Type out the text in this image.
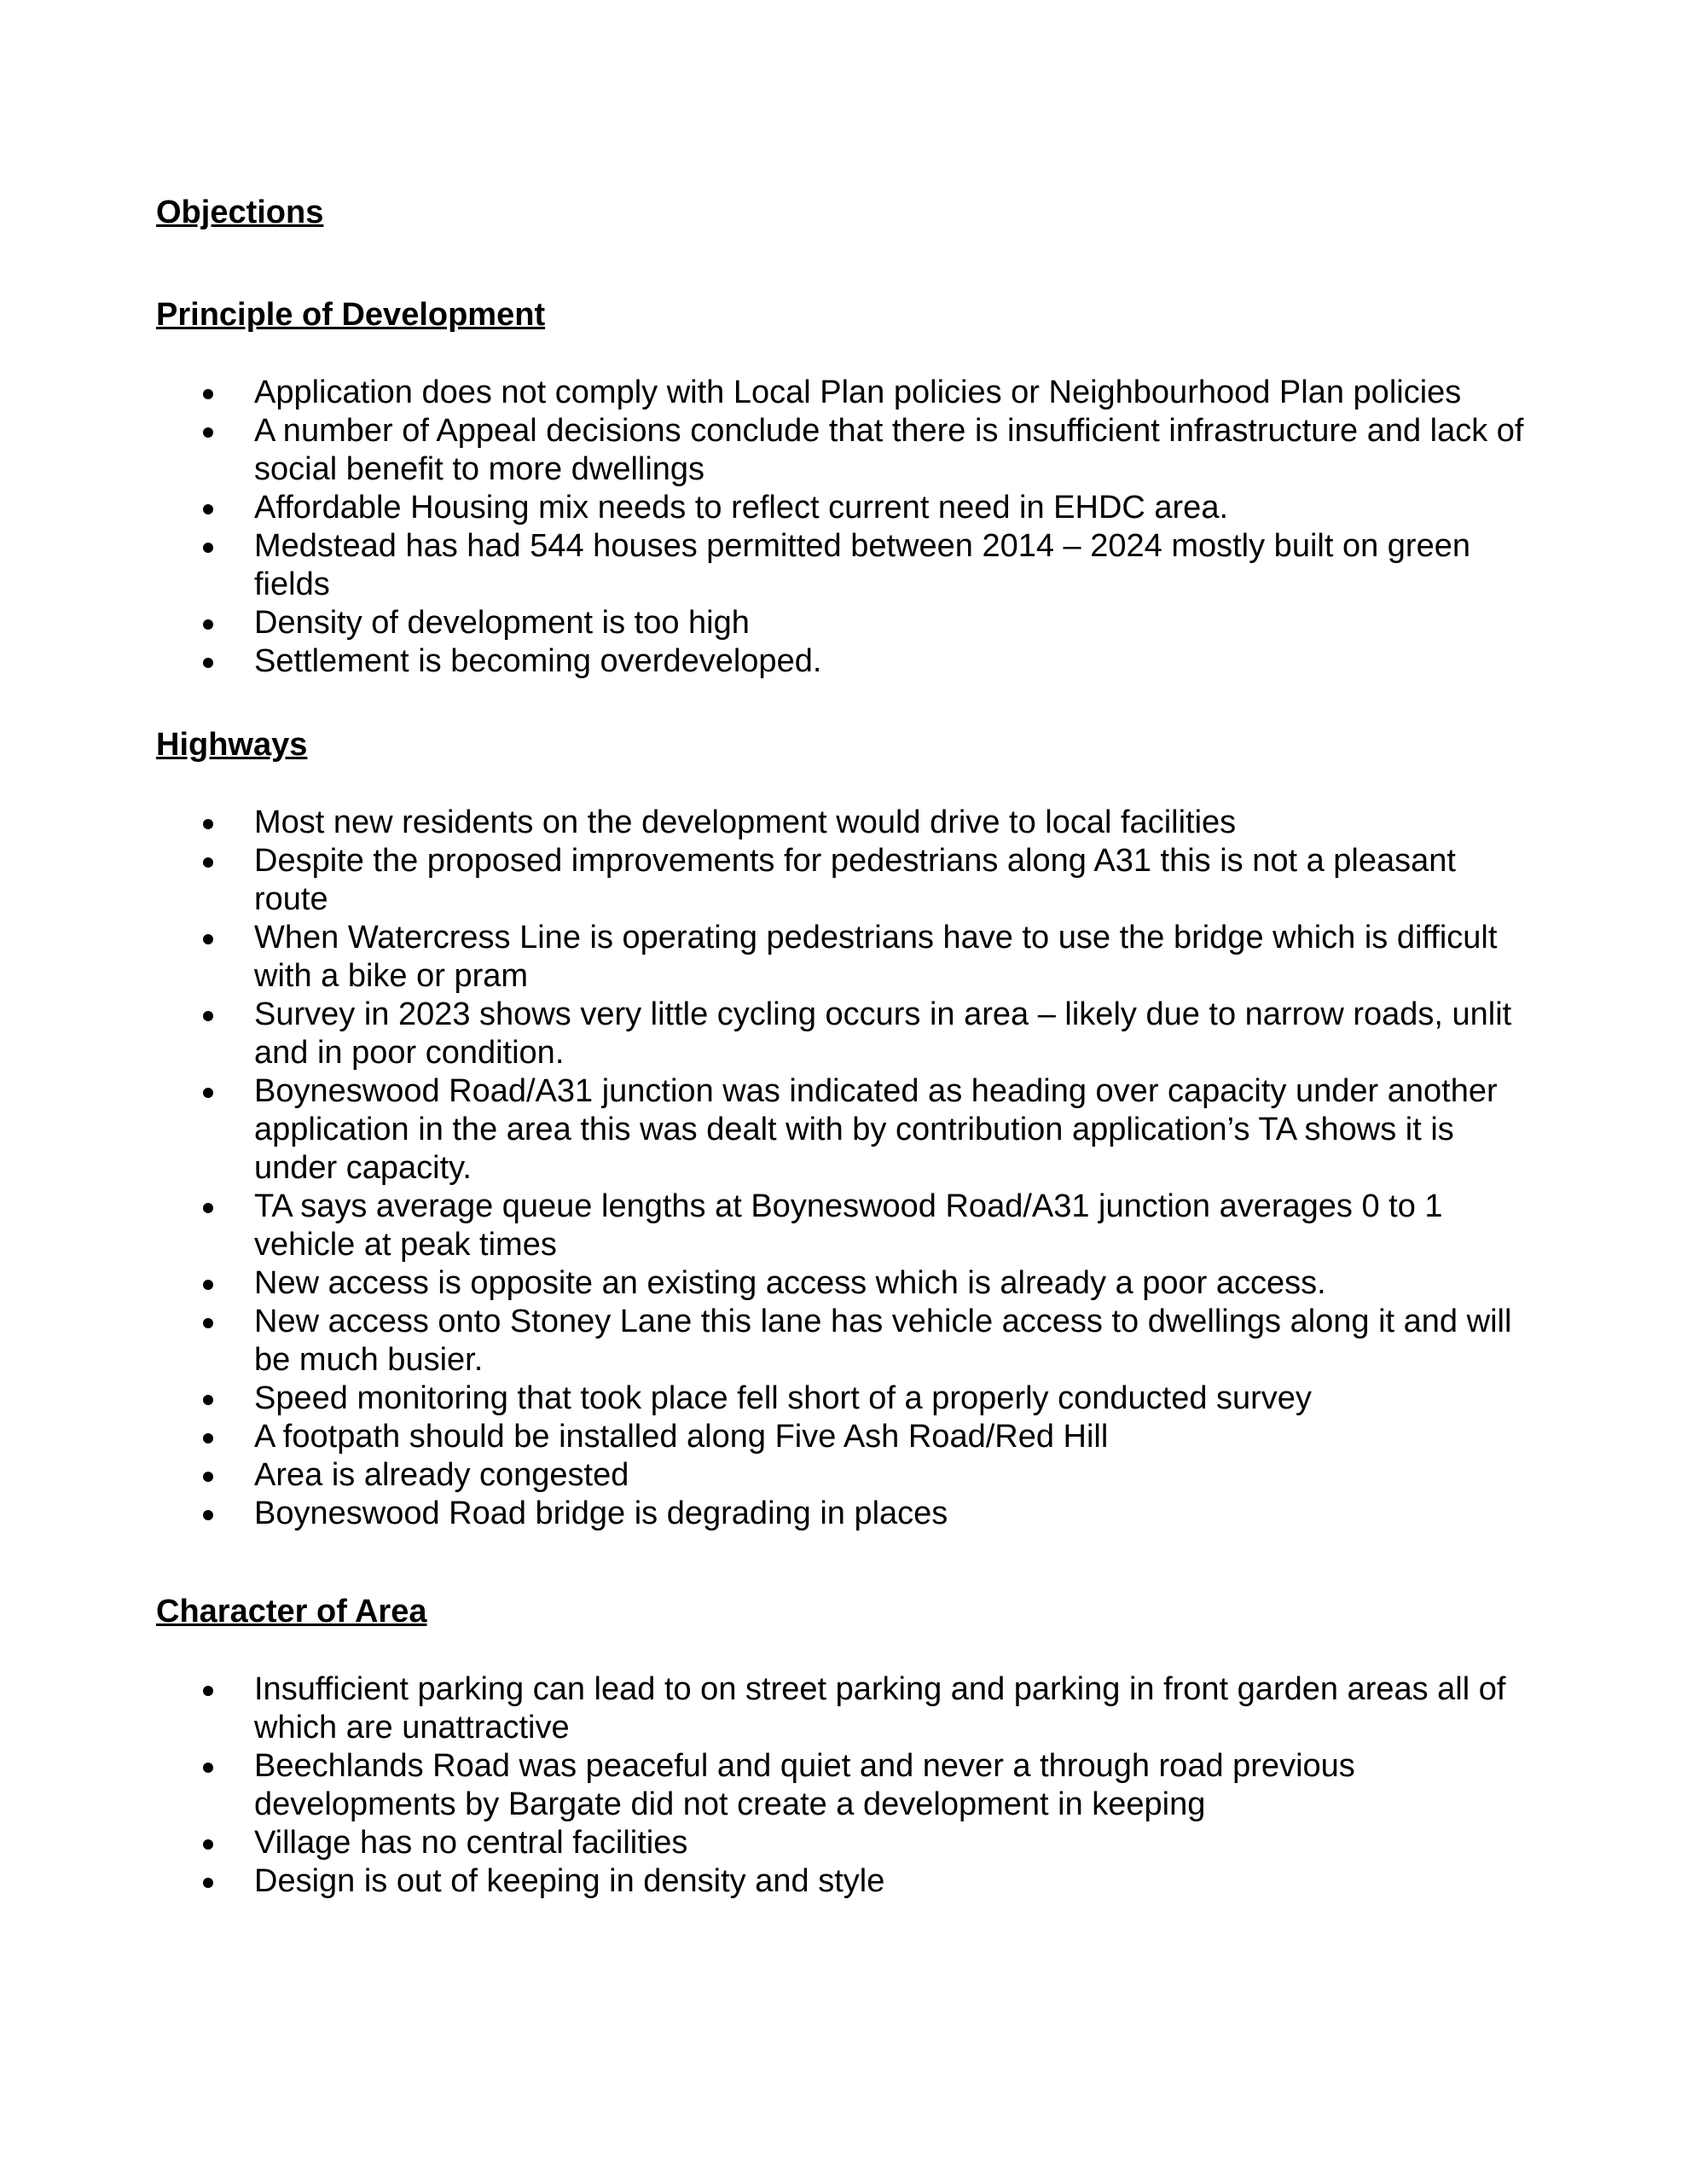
Objections
Principle of Development
Application does not comply with Local Plan policies or Neighbourhood Plan policies
A number of Appeal decisions conclude that there is insufficient infrastructure and lack of social benefit to more dwellings
Affordable Housing mix needs to reflect current need in EHDC area.
Medstead has had 544 houses permitted between 2014 – 2024 mostly built on green fields
Density of development is too high
Settlement is becoming overdeveloped.
Highways
Most new residents on the development would drive to local facilities
Despite the proposed improvements for pedestrians along A31 this is not a pleasant route
When Watercress Line is operating pedestrians have to use the bridge which is difficult with a bike or pram
Survey in 2023 shows very little cycling occurs in area – likely due to narrow roads, unlit and in poor condition.
Boyneswood Road/A31 junction was indicated as heading over capacity under another application in the area this was dealt with by contribution application’s TA shows it is under capacity.
TA says average queue lengths at Boyneswood Road/A31 junction averages 0 to 1 vehicle at peak times
New access is opposite an existing access which is already a poor access.
New access onto Stoney Lane this lane has vehicle access to dwellings along it and will be much busier.
Speed monitoring that took place fell short of a properly conducted survey
A footpath should be installed along Five Ash Road/Red Hill
Area is already congested
Boyneswood Road bridge is degrading in places
Character of Area
Insufficient parking can lead to on street parking and parking in front garden areas all of which are unattractive
Beechlands Road was peaceful and quiet and never a through road previous developments by Bargate did not create a development in keeping
Village has no central facilities
Design is out of keeping in density and style
